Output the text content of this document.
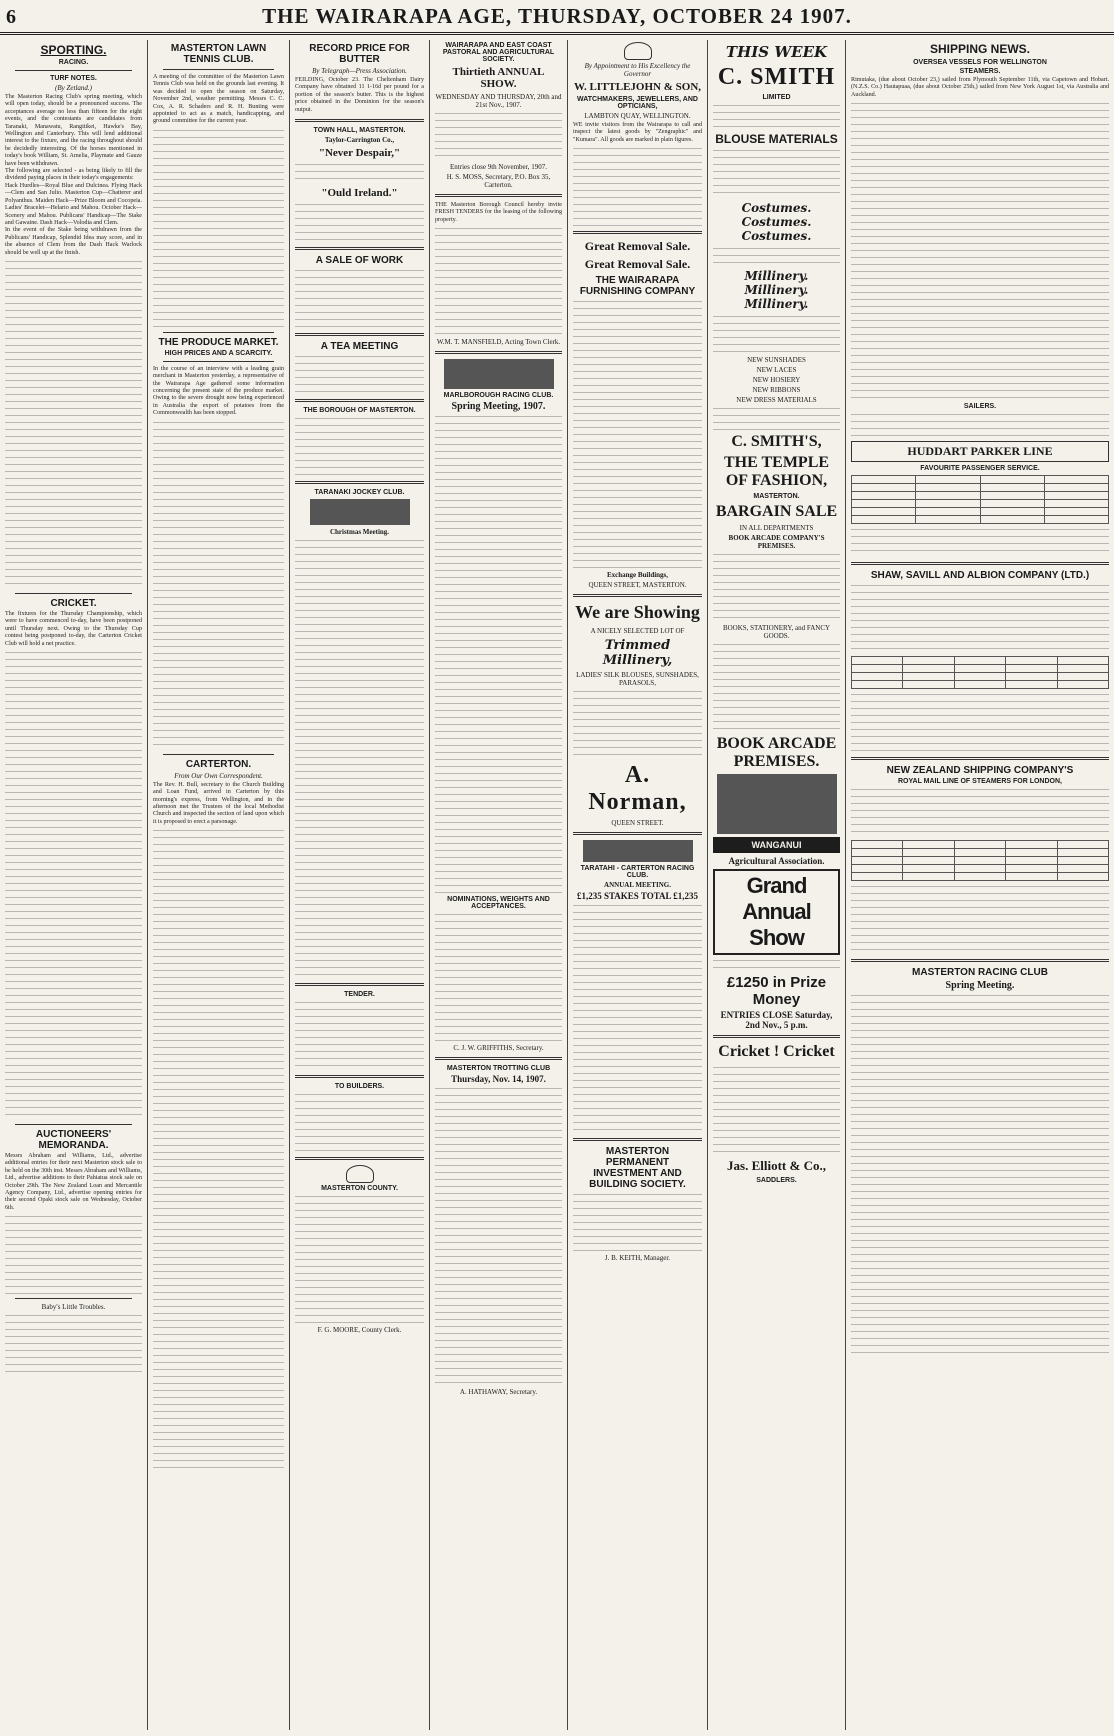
6	THE WAIRARAPA AGE, THURSDAY, OCTOBER 24 1907.
SPORTING.
RACING.
TURF NOTES.
(By Zetland.)

The Masterton Racing Club's spring meeting, which will open today, should be a pronounced success. The acceptances average no less than fifteen for the eight events, and the contestants are candidates from Taranaki, Manawatu, Rangitikei, Hawke's Bay, Wellington and Canterbury. This will lend additional interest to the fixture, and the racing throughout should be decidedly interesting. Of the horses mentioned in today's book William, St. Amelia, Playmate and Gauze have been withdrawn.

The following are selected - as being likely to fill the dividend paying places in their today's engagements:

Hack Hurdles—Royal Blue and Dulcinea. Flying Hack—Clem and San Julio. Masterton Cup—Chatterer and Polyanthus. Maiden Hack—Prize Bloom and Cocopeia. Ladies' Bracelet—Helario and Mahou. October Hack—Scenery and Mahou. Publicans' Handicap—The Stake and Gawaine. Dash Hack—Volodia and Clem.

In the event of the Stake being withdrawn from the Publicans' Handicap, Splendid Idea may score, and in the absence of Clem from the Dash Hack Warlock should be well up at the finish.

CRICKET.

The fixtures for the Thursday Championship, which were to have commenced to-day, have been postponed until Thursday next. Owing to the Thursday Cup contest being postponed to-day, the Carterton Cricket Club will hold a net practice.

AUCTIONEERS' MEMORANDA.

Messrs Abraham and Williams, Ltd., advertise additional entries for their next Masterton stock sale to be held on the 30th inst. Messrs Abraham and Williams, Ltd., advertise additions to their Pahiatua stock sale on October 29th. The New Zealand Loan and Mercantile Agency Company, Ltd., advertise opening entries for their second Opaki stock sale on Wednesday, October 6th.

Baby's Little Troubles.
MASTERTON LAWN TENNIS CLUB.

A meeting of the committee of the Masterton Lawn Tennis Club was held on the grounds last evening. It was decided to open the season on Saturday, November 2nd, weather permitting. Messrs C. C. Cox, A. R. Schaders and R. H. Bunting were appointed to act as a match, handicapping, and ground committee for the current year.

THE PRODUCE MARKET.
HIGH PRICES AND A SCARCITY.

In the course of an interview with a leading grain merchant in Masterton yesterday, a representative of the Wairarapa Age gathered some information concerning the present state of the produce market. Owing to the severe drought now being experienced in Australia the export of potatoes from the Commonwealth has been stopped.

CARTERTON.
From Our Own Correspondent.

The Rev. H. Bull, secretary to the Church Building and Loan Fund, arrived in Carterton by this morning's express, from Wellington, and in the afternoon met the Trustees of the local Methodist Church and inspected the section of land upon which it is proposed to erect a parsonage.

RECORD PRICE FOR BUTTER
By Telegraph—Press Association.

FEILDING, October 23. The Cheltenham Dairy Company have obtained 11 1-16d per pound for a portion of the season's butter. This is the highest price obtained in the Dominion for the season's output.

TOWN HALL, MASTERTON.
Taylor-Carrington Co.,
"Never Despair,"
"Ould Ireland."
A SALE OF WORK
A TEA MEETING
THE BOROUGH OF MASTERTON.
TARANAKI JOCKEY CLUB.
Christmas Meeting.
TENDER.
TO BUILDERS.
MASTERTON COUNTY.
F. G. MOORE, County Clerk.
WAIRARAPA AND EAST COAST PASTORAL AND AGRICULTURAL SOCIETY.
Thirtieth ANNUAL SHOW.
WEDNESDAY AND THURSDAY, 20th and 21st Nov., 1907.
Entries close 9th November, 1907.
H. S. MOSS, Secretary, P.O. Box 35, Carterton.

THE Masterton Borough Council hereby invite FRESH TENDERS for the leasing of the following property.

W.M. T. MANSFIELD, Acting Town Clerk.
MARLBOROUGH RACING CLUB.
Spring Meeting, 1907.
NOMINATIONS, WEIGHTS AND ACCEPTANCES.
C. J. W. GRIFFITHS, Secretary.
MASTERTON TROTTING CLUB
Thursday, Nov. 14, 1907.
A. HATHAWAY, Secretary.
By Appointment to His Excellency the Governor
W. LITTLEJOHN & SON,
WATCHMAKERS, JEWELLERS, AND OPTICIANS,
LAMBTON QUAY, WELLINGTON.

WE invite visitors from the Wairarapa to call and inspect the latest goods by "Zengraphic" and "Kumara". All goods are marked in plain figures.

Great Removal Sale.
Great Removal Sale.
THE WAIRARAPA FURNISHING COMPANY
Exchange Buildings,
QUEEN STREET, MASTERTON.
We are Showing
A NICELY SELECTED LOT OF
Trimmed Millinery,
LADIES' SILK BLOUSES, SUNSHADES, PARASOLS,
A. Norman,
QUEEN STREET.
TARATAHI - CARTERTON RACING CLUB.
ANNUAL MEETING.
£1,235 STAKES TOTAL £1,235
MASTERTON PERMANENT INVESTMENT AND BUILDING SOCIETY.
J. B. KEITH, Manager.
THIS WEEK
C. SMITH
LIMITED
BLOUSE MATERIALS
Costumes. Costumes. Costumes.
Millinery. Millinery. Millinery.
NEW SUNSHADES
NEW LACES
NEW HOSIERY
NEW RIBBONS
NEW DRESS MATERIALS
C. SMITH'S,
THE TEMPLE OF FASHION,
MASTERTON.
BARGAIN SALE
IN ALL DEPARTMENTS
BOOK ARCADE COMPANY'S PREMISES.
BOOKS, STATIONERY, and FANCY GOODS.
BOOK ARCADE PREMISES.
WANGANUI
Agricultural Association.
Grand Annual Show
£1250 in Prize Money
ENTRIES CLOSE Saturday, 2nd Nov., 5 p.m.
Cricket ! Cricket
Jas. Elliott & Co.,
SADDLERS.
SHIPPING NEWS.
OVERSEA VESSELS FOR WELLINGTON
STEAMERS.

Rimutaka, (due about October 23,) sailed from Plymouth September 11th, via Capetown and Hobart. (N.Z.S. Co.) Hautapuaa, (due about October 25th,) sailed from New York August 1st, via Australia and Auckland.

SAILERS.
HUDDART PARKER LINE
FAVOURITE PASSENGER SERVICE.

SHAW, SAVILL AND ALBION COMPANY (LTD.)

NEW ZEALAND SHIPPING COMPANY'S
ROYAL MAIL LINE OF STEAMERS FOR LONDON,

MASTERTON RACING CLUB
Spring Meeting.
